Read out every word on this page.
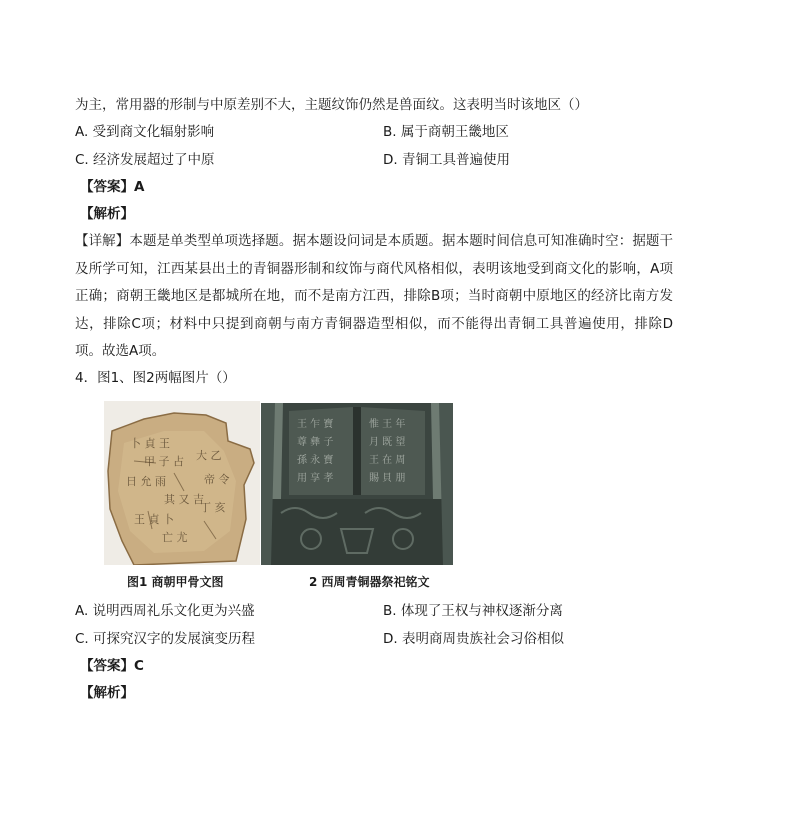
为主，常用器的形制与中原差别不大，主题纹饰仍然是兽面纹。这表明当时该地区（）
A. 受到商文化辐射影响	B. 属于商朝王畿地区
C. 经济发展超过了中原	D. 青铜工具普遍使用
【答案】A
【解析】
【详解】本题是单类型单项选择题。据本题设问词是本质题。据本题时间信息可知准确时空：据题干及所学可知，江西某县出土的青铜器形制和纹饰与商代风格相似，表明该地受到商文化的影响，A项正确；商朝王畿地区是都城所在地，而不是南方江西，排除B项；当时商朝中原地区的经济比南方发达，排除C项；材料中只提到商朝与南方青铜器造型相似，而不能得出青铜工具普遍使用，排除D项。故选A项。
4．图1、图2两幅图片（）
卜 貞 王
甲 子 占
日 允 雨
其 又 吉
王 貞 卜
大 乙
帝 令
丁 亥
亡 尤
王 乍 寶
尊 彝 子
孫 永 寶
用 享 孝
惟 王 年
月 既 望
王 在 周
賜 貝 朋
图1 商朝甲骨文图	2 西周青铜器祭祀铭文
A. 说明西周礼乐文化更为兴盛	B. 体现了王权与神权逐渐分离
C. 可探究汉字的发展演变历程	D. 表明商周贵族社会习俗相似
【答案】C
【解析】
